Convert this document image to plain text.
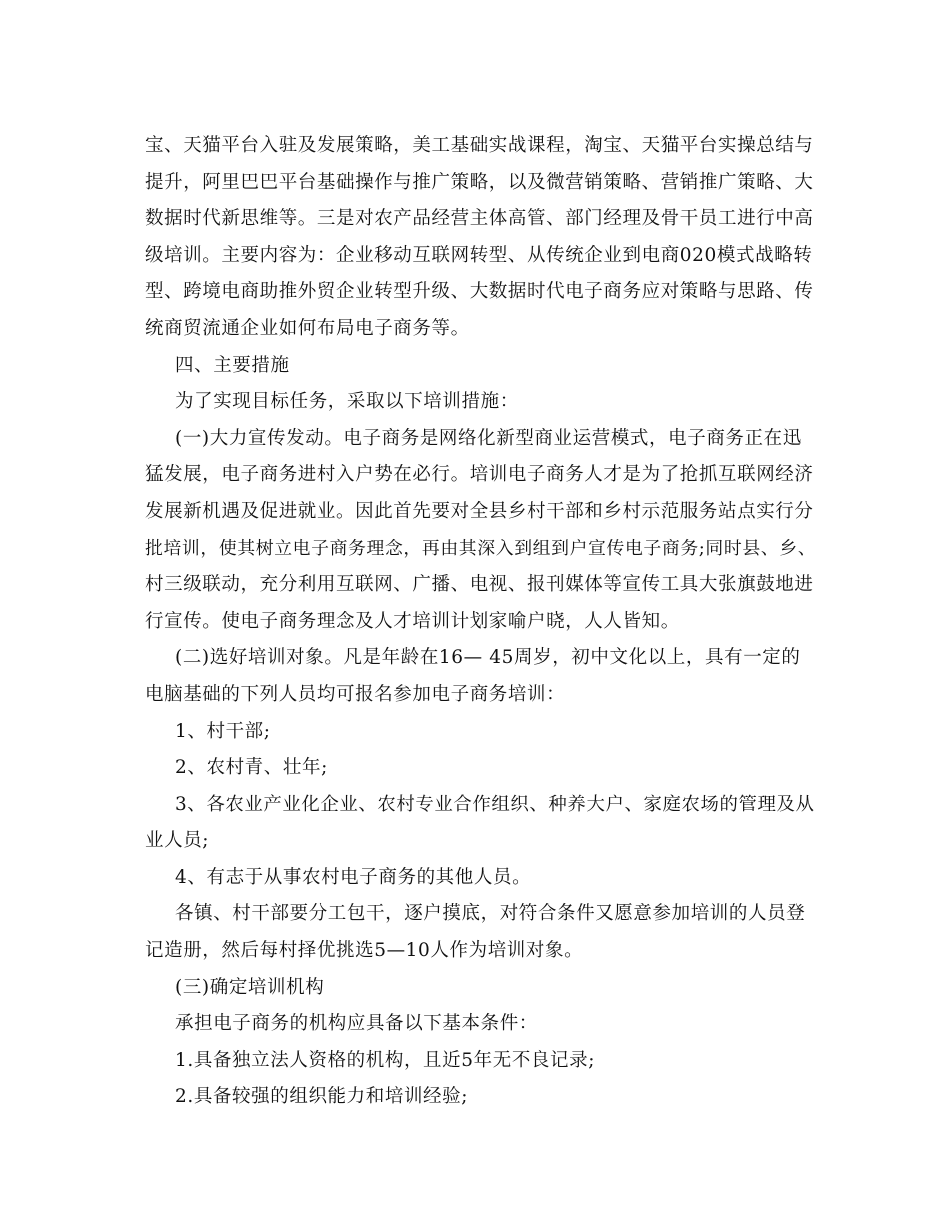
宝、天猫平台入驻及发展策略，美工基础实战课程，淘宝、天猫平台实操总结与
提升，阿里巴巴平台基础操作与推广策略，以及微营销策略、营销推广策略、大
数据时代新思维等。三是对农产品经营主体高管、部门经理及骨干员工进行中高
级培训。主要内容为：企业移动互联网转型、从传统企业到电商020模式战略转
型、跨境电商助推外贸企业转型升级、大数据时代电子商务应对策略与思路、传
统商贸流通企业如何布局电子商务等。
四、主要措施
为了实现目标任务，采取以下培训措施：
(一)大力宣传发动。电子商务是网络化新型商业运营模式，电子商务正在迅
猛发展，电子商务进村入户势在必行。培训电子商务人才是为了抢抓互联网经济
发展新机遇及促进就业。因此首先要对全县乡村干部和乡村示范服务站点实行分
批培训，使其树立电子商务理念，再由其深入到组到户宣传电子商务;同时县、乡、
村三级联动，充分利用互联网、广播、电视、报刊媒体等宣传工具大张旗鼓地进
行宣传。使电子商务理念及人才培训计划家喻户晓，人人皆知。
(二)选好培训对象。凡是年龄在16— 45周岁，初中文化以上，具有一定的
电脑基础的下列人员均可报名参加电子商务培训：
1、村干部;
2、农村青、壮年;
3、各农业产业化企业、农村专业合作组织、种养大户、家庭农场的管理及从
业人员;
4、有志于从事农村电子商务的其他人员。
各镇、村干部要分工包干，逐户摸底，对符合条件又愿意参加培训的人员登
记造册，然后每村择优挑选5—10人作为培训对象。
(三)确定培训机构
承担电子商务的机构应具备以下基本条件：
1.具备独立法人资格的机构，且近5年无不良记录;
2.具备较强的组织能力和培训经验;
